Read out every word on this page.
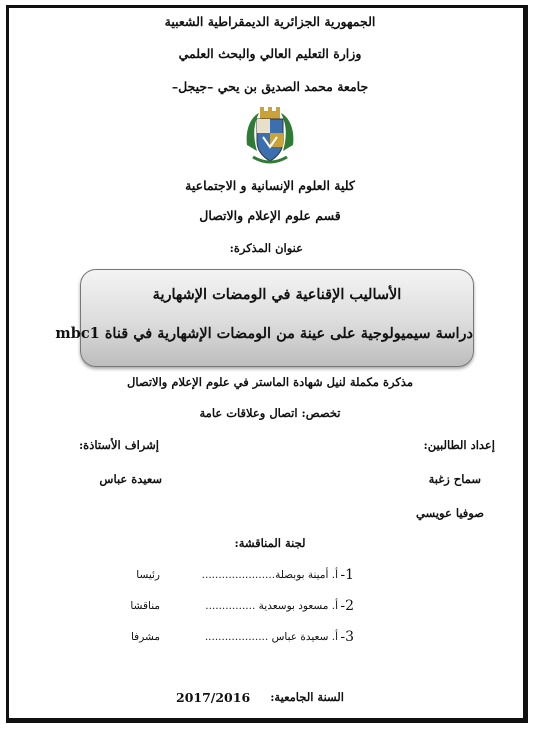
الجمهورية الجزائرية الديمقراطية الشعبية
وزارة التعليم العالي والبحث العلمي
جامعة محمد الصديق بن يحي –جيجل–
كلية العلوم الإنسانية و الاجتماعية
قسم علوم الإعلام والاتصال
عنوان المذكرة:
الأساليب الإقناعية في الومضات الإشهارية
دراسة سيميولوجية على عينة من الومضات الإشهارية في قناة mbc1
مذكرة مكملة لنيل شهادة الماستر في علوم الإعلام والاتصال
تخصص: اتصال وعلاقات عامة
إعداد الطالبين:
إشراف الأستاذة:
سماح زغبة
سعيدة عباس
صوفيا عويسي
لجنة المناقشة:
1-
أ. أمينة بوبصلة......................
رئيسا
2-
أ. مسعود بوسعدية ...............
مناقشا
3-
أ. سعيدة عباس ...................
مشرفا
السنة الجامعية:
2017/2016
